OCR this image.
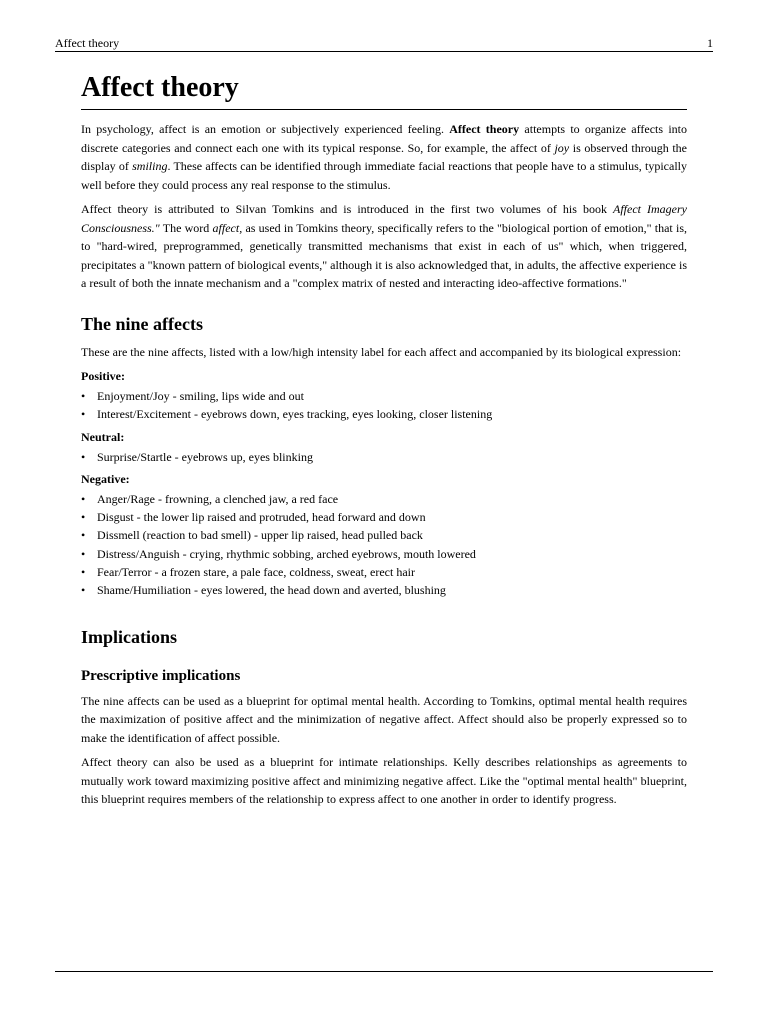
Affect theory	1
Affect theory

In psychology, affect is an emotion or subjectively experienced feeling. Affect theory attempts to organize affects into discrete categories and connect each one with its typical response. So, for example, the affect of joy is observed through the display of smiling. These affects can be identified through immediate facial reactions that people have to a stimulus, typically well before they could process any real response to the stimulus.

Affect theory is attributed to Silvan Tomkins and is introduced in the first two volumes of his book Affect Imagery Consciousness." The word affect, as used in Tomkins theory, specifically refers to the "biological portion of emotion," that is, to "hard-wired, preprogrammed, genetically transmitted mechanisms that exist in each of us" which, when triggered, precipitates a "known pattern of biological events," although it is also acknowledged that, in adults, the affective experience is a result of both the innate mechanism and a "complex matrix of nested and interacting ideo-affective formations."

The nine affects

These are the nine affects, listed with a low/high intensity label for each affect and accompanied by its biological expression:

Positive:
• Enjoyment/Joy - smiling, lips wide and out
• Interest/Excitement - eyebrows down, eyes tracking, eyes looking, closer listening
Neutral:
• Surprise/Startle - eyebrows up, eyes blinking
Negative:
• Anger/Rage - frowning, a clenched jaw, a red face
• Disgust - the lower lip raised and protruded, head forward and down
• Dissmell (reaction to bad smell) - upper lip raised, head pulled back
• Distress/Anguish - crying, rhythmic sobbing, arched eyebrows, mouth lowered
• Fear/Terror - a frozen stare, a pale face, coldness, sweat, erect hair
• Shame/Humiliation - eyes lowered, the head down and averted, blushing
Implications
Prescriptive implications

The nine affects can be used as a blueprint for optimal mental health. According to Tomkins, optimal mental health requires the maximization of positive affect and the minimization of negative affect. Affect should also be properly expressed so to make the identification of affect possible.

Affect theory can also be used as a blueprint for intimate relationships. Kelly describes relationships as agreements to mutually work toward maximizing positive affect and minimizing negative affect. Like the "optimal mental health" blueprint, this blueprint requires members of the relationship to express affect to one another in order to identify progress.
